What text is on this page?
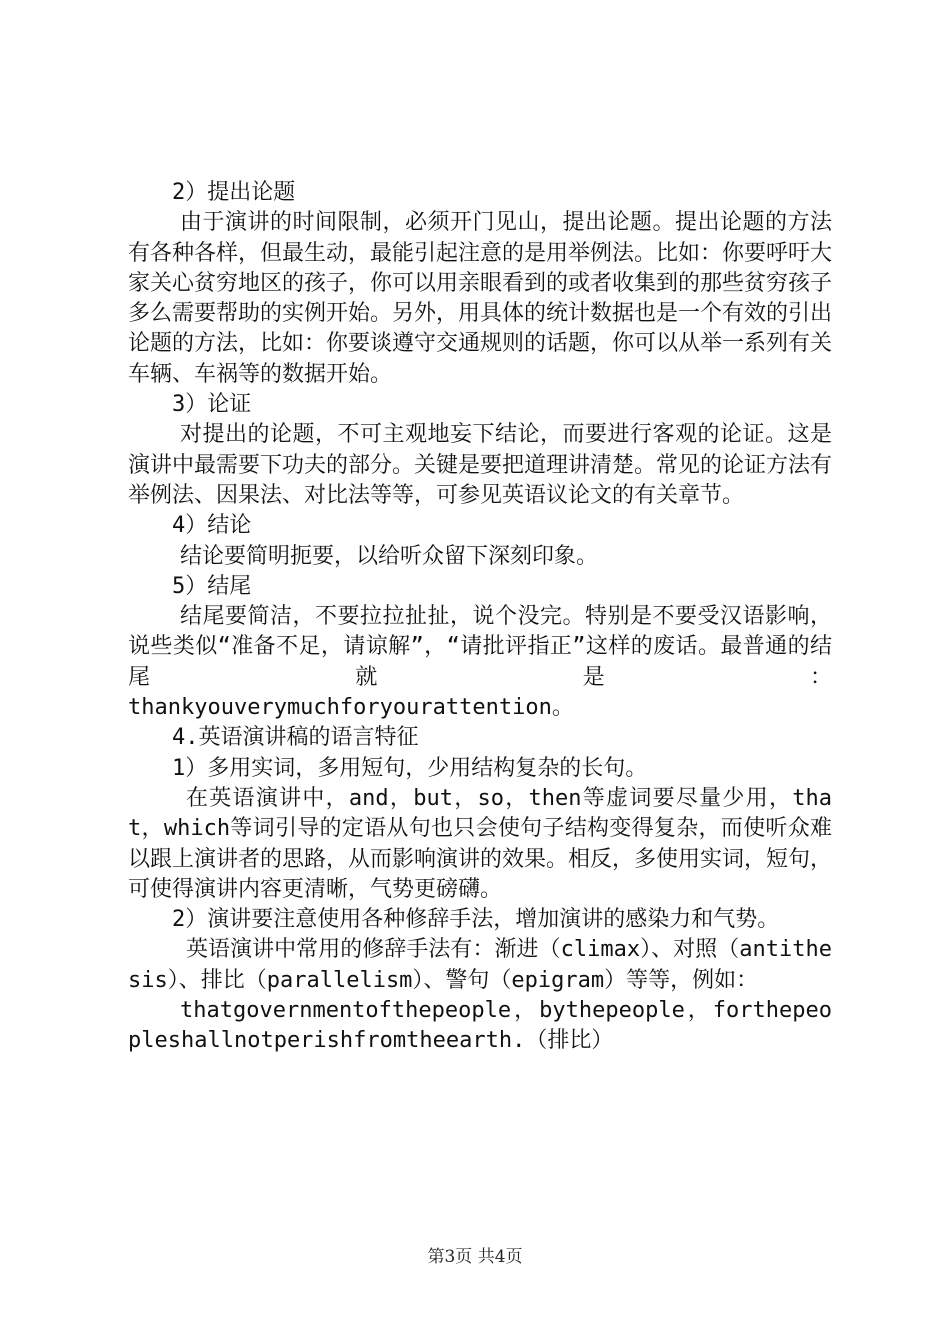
2）提出论题

由于演讲的时间限制，必须开门见山，提出论题。提出论题的方法有各种各样，但最生动，最能引起注意的是用举例法。比如：你要呼吁大家关心贫穷地区的孩子，你可以用亲眼看到的或者收集到的那些贫穷孩子多么需要帮助的实例开始。另外，用具体的统计数据也是一个有效的引出论题的方法，比如：你要谈遵守交通规则的话题，你可以从举一系列有关车辆、车祸等的数据开始。

3）论证

对提出的论题，不可主观地妄下结论，而要进行客观的论证。这是演讲中最需要下功夫的部分。关键是要把道理讲清楚。常见的论证方法有举例法、因果法、对比法等等，可参见英语议论文的有关章节。

4）结论

结论要简明扼要，以给听众留下深刻印象。

5）结尾

结尾要简洁，不要拉拉扯扯，说个没完。特别是不要受汉语影响，说些类似“准备不足，请谅解”，“请批评指正”这样的废话。最普通的结尾就是：

thankyouverymuchforyourattention。

4.英语演讲稿的语言特征

1）多用实词，多用短句，少用结构复杂的长句。

在英语演讲中，and，but，so，then等虚词要尽量少用，that，which等词引导的定语从句也只会使句子结构变得复杂，而使听众难以跟上演讲者的思路，从而影响演讲的效果。相反，多使用实词，短句，可使得演讲内容更清晰，气势更磅礴。

2）演讲要注意使用各种修辞手法，增加演讲的感染力和气势。

英语演讲中常用的修辞手法有：渐进（climax）、对照（antithesis）、排比（parallelism）、警句（epigram）等等，例如：

thatgovernmentofthepeople，bythepeople，forthepeopleshallnotperishfromtheearth.（排比）

第3页 共4页
